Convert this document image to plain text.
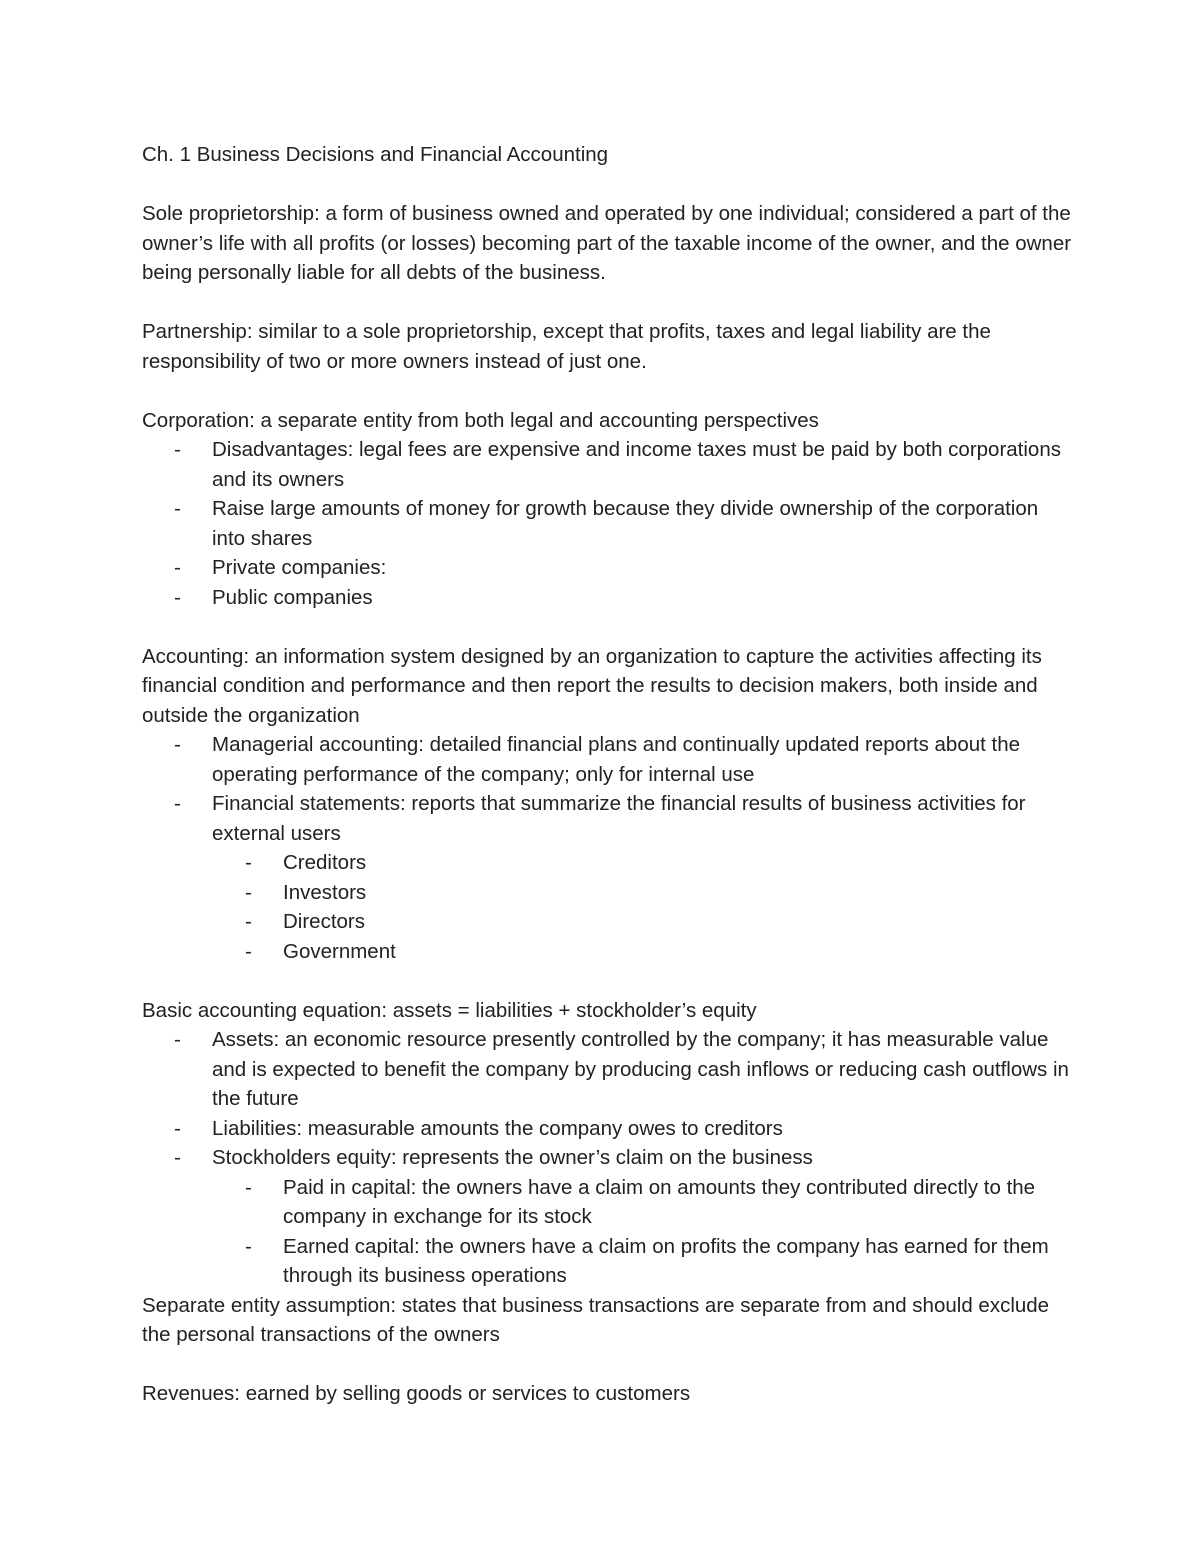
Ch. 1 Business Decisions and Financial Accounting

Sole proprietorship: a form of business owned and operated by one individual; considered a part of the owner’s life with all profits (or losses) becoming part of the taxable income of the owner, and the owner being personally liable for all debts of the business.

Partnership: similar to a sole proprietorship, except that profits, taxes and legal liability are the responsibility of two or more owners instead of just one.

Corporation: a separate entity from both legal and accounting perspectives

- Disadvantages: legal fees are expensive and income taxes must be paid by both corporations and its owners
- Raise large amounts of money for growth because they divide ownership of the corporation into shares
- Private companies:
- Public companies

Accounting: an information system designed by an organization to capture the activities affecting its financial condition and performance and then report the results to decision makers, both inside and outside the organization

- Managerial accounting: detailed financial plans and continually updated reports about the operating performance of the company; only for internal use
- Financial statements: reports that summarize the financial results of business activities for external users
- Creditors
- Investors
- Directors
- Government

Basic accounting equation: assets = liabilities + stockholder’s equity

- Assets: an economic resource presently controlled by the company; it has measurable value and is expected to benefit the company by producing cash inflows or reducing cash outflows in the future
- Liabilities: measurable amounts the company owes to creditors
- Stockholders equity: represents the owner’s claim on the business
- Paid in capital: the owners have a claim on amounts they contributed directly to the company in exchange for its stock
- Earned capital: the owners have a claim on profits the company has earned for them through its business operations

Separate entity assumption: states that business transactions are separate from and should exclude the personal transactions of the owners

Revenues: earned by selling goods or services to customers
